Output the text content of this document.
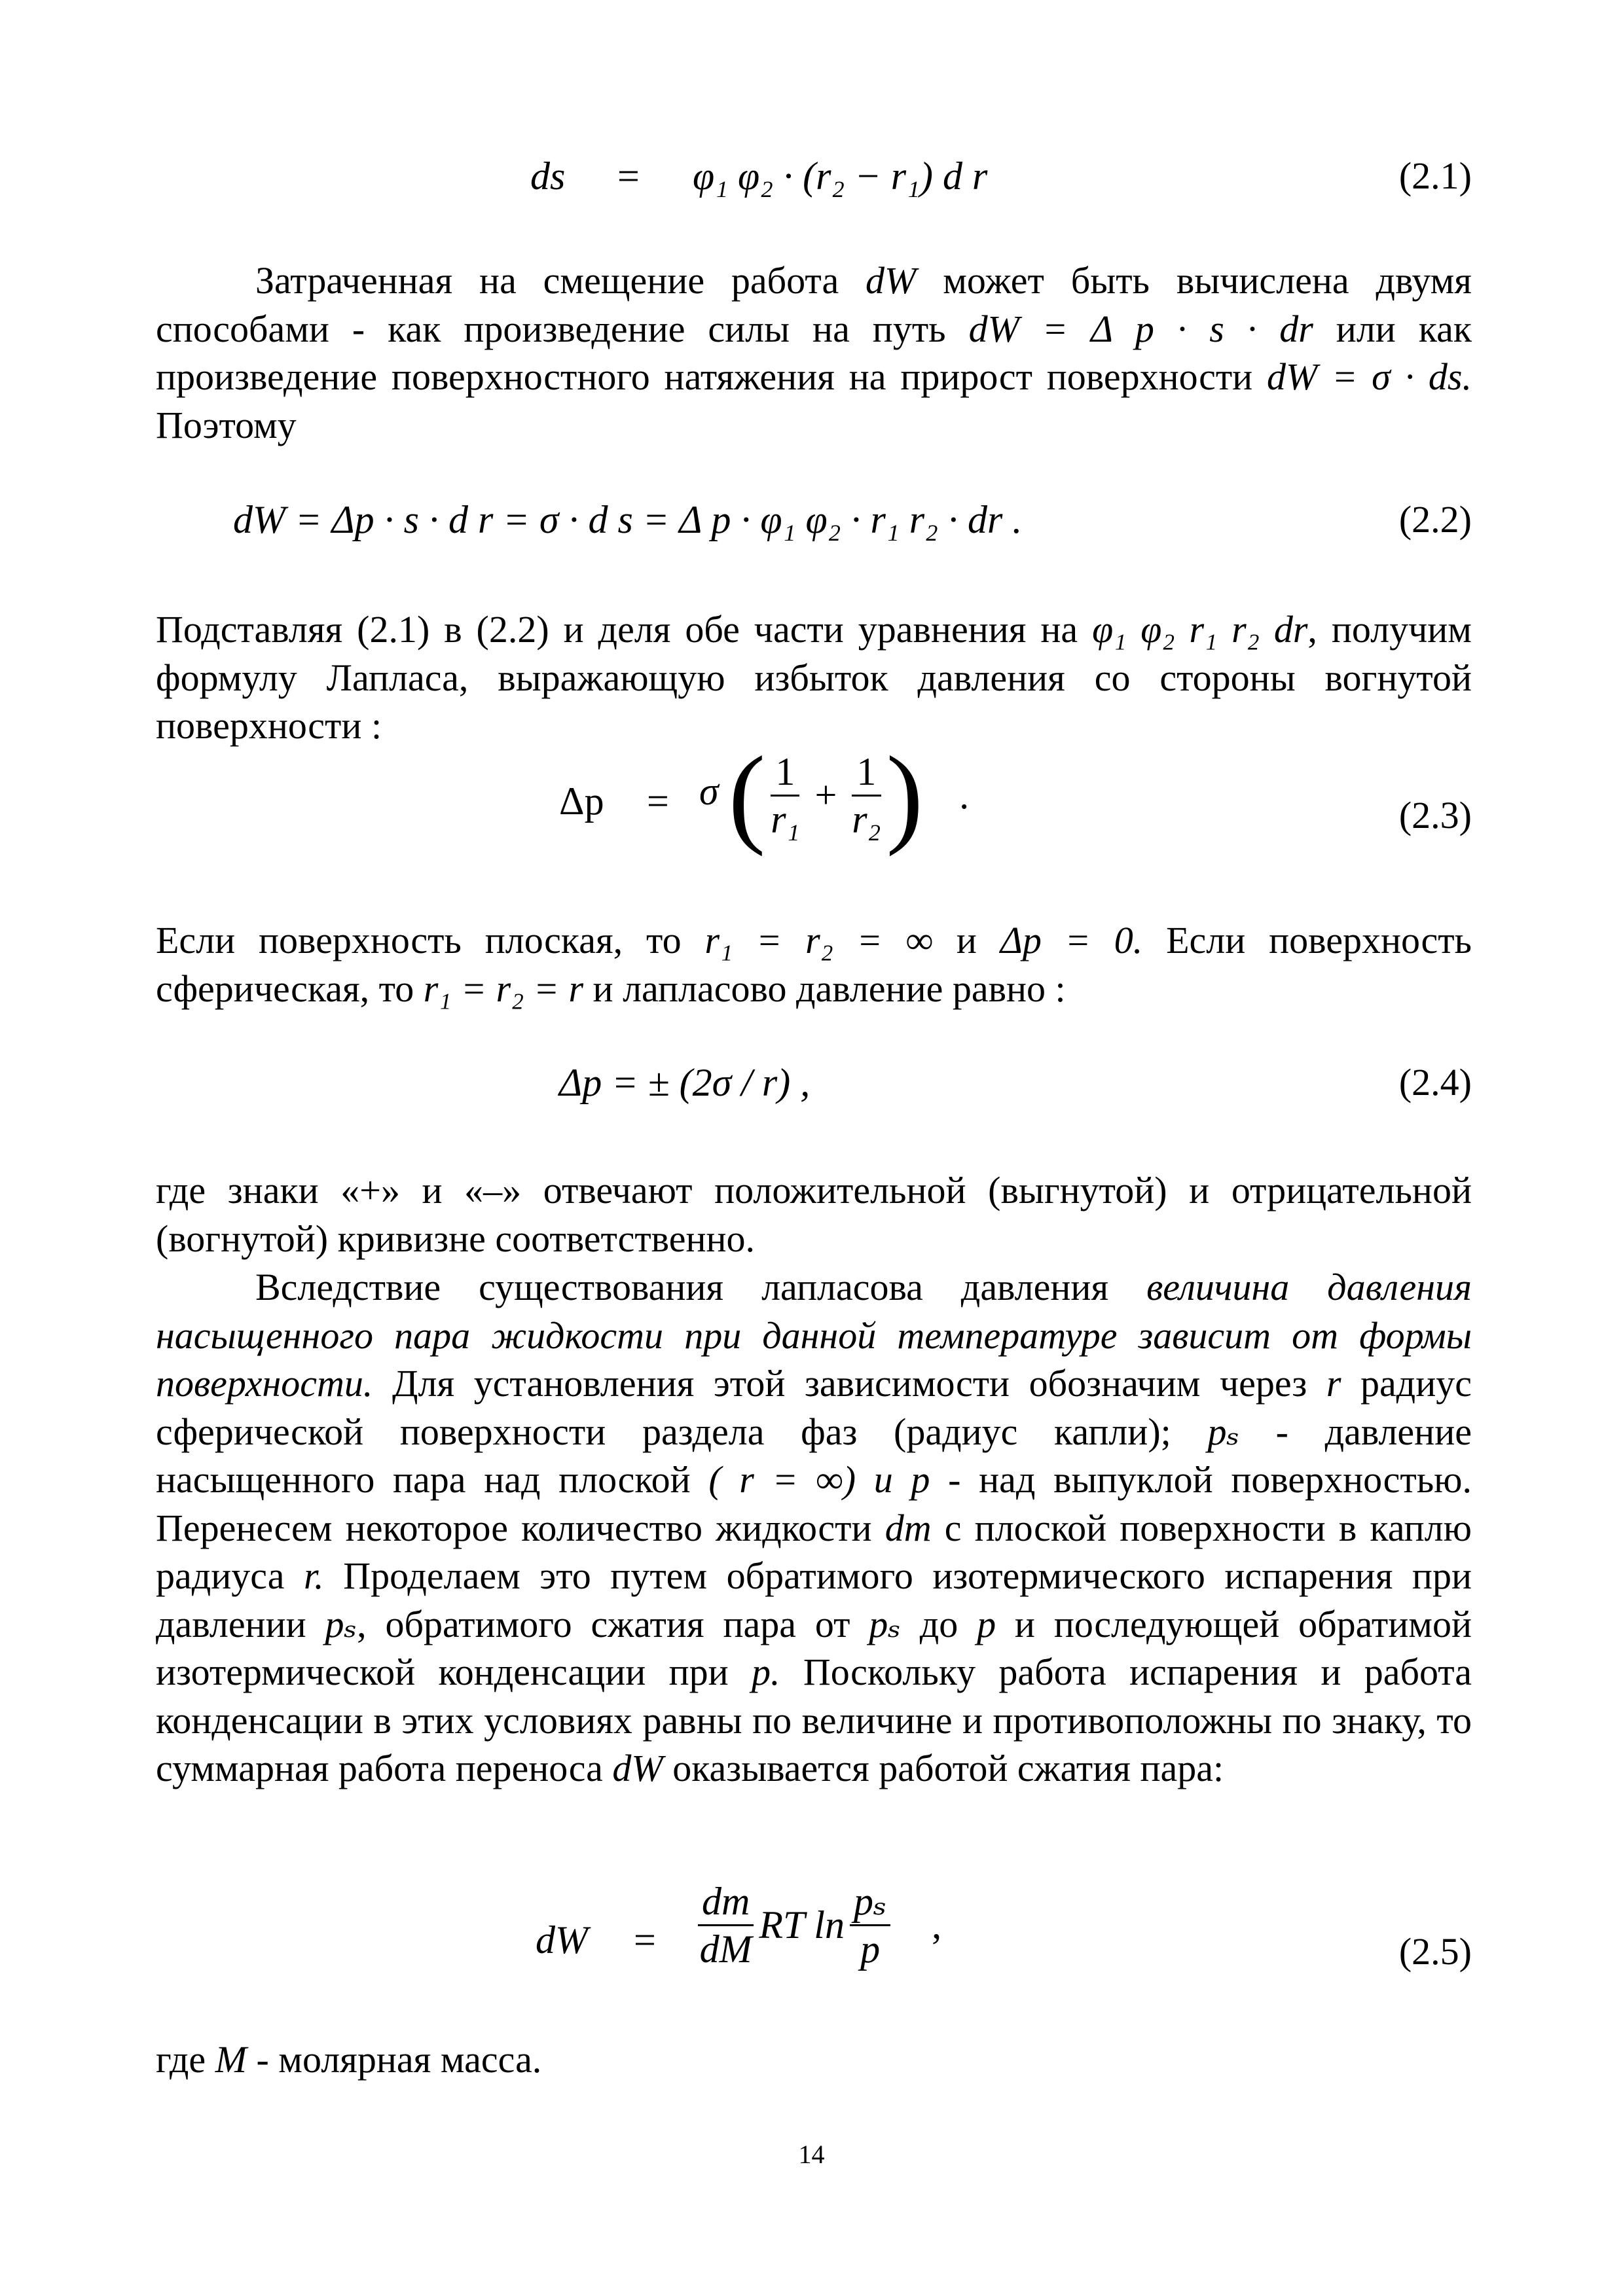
ds = φ₁ φ₂ · (r₂ − r₁) d r	(2.1)
Затраченная на смещение работа dW может быть вычислена двумя способами - как произведение силы на путь dW = Δ p · s · dr или как произведение поверхностного натяжения на прирост поверхности dW = σ · ds. Поэтому
dW = Δp · s · d r = σ · d s = Δ p · φ₁ φ₂ · r₁ r₂ · dr .	(2.2)
Подставляя (2.1) в (2.2) и деля обе части уравнения на φ₁ φ₂ r₁ r₂ dr, получим формулу Лапласа, выражающую избыток давления со стороны вогнутой поверхности :
Δp = σ ( $\frac{1}{\text{r₁}} + \frac{1}{\text{r₂}}$ ) .	(2.3)
Если поверхность плоская, то r₁ = r₂ = ∞ и Δp = 0. Если поверхность сферическая, то r₁ = r₂ = r и лапласово давление равно :
Δp = ± (2σ / r) ,	(2.4)
где знаки «+» и «–» отвечают положительной (выгнутой) и отрицательной (вогнутой) кривизне соответственно.
Вследствие существования лапласова давления величина давления насыщенного пара жидкости при данной температуре зависит от формы поверхности. Для установления этой зависимости обозначим через r радиус сферической поверхности раздела фаз (радиус капли); pₛ - давление насыщенного пара над плоской ( r = ∞) и p - над выпуклой поверхностью. Перенесем некоторое количество жидкости dm с плоской поверхности в каплю радиуса r. Проделаем это путем обратимого изотермического испарения при давлении pₛ, обратимого сжатия пара от pₛ до p и последующей обратимой изотермической конденсации при p. Поскольку работа испарения и работа конденсации в этих условиях равны по величине и противоположны по знаку, то суммарная работа переноса dW оказывается работой сжатия пара:
dW = $\frac{dm}{dM}$ RT $\ln \frac{\text{pₛ}}{p}$ ,
(2.5)
где M - молярная масса.
14
